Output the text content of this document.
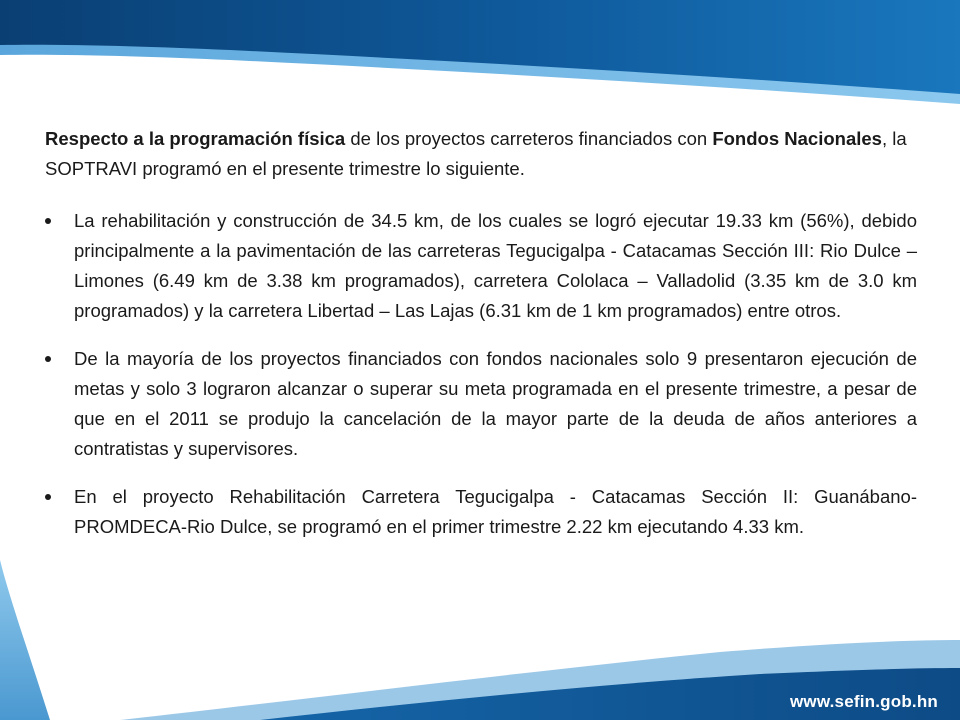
Respecto a la programación física de los proyectos carreteros financiados con Fondos Nacionales, la SOPTRAVI programó en el presente trimestre lo siguiente.

La rehabilitación y construcción de 34.5 km, de los cuales se logró ejecutar 19.33 km (56%), debido principalmente a la pavimentación de las carreteras Tegucigalpa - Catacamas Sección III: Rio Dulce – Limones (6.49 km de 3.38 km programados), carretera Cololaca – Valladolid (3.35 km de 3.0 km programados) y la carretera Libertad – Las Lajas (6.31 km de 1 km programados) entre otros.
De la mayoría de los proyectos financiados con fondos nacionales solo 9 presentaron ejecución de metas y solo 3 lograron alcanzar o superar su meta programada en el presente trimestre, a pesar de que en el 2011 se produjo la cancelación de la mayor parte de la deuda de años anteriores a contratistas y supervisores.
En el proyecto Rehabilitación Carretera Tegucigalpa - Catacamas Sección II: Guanábano-PROMDECA-Rio Dulce, se programó en el primer trimestre 2.22 km ejecutando 4.33 km.
www.sefin.gob.hn
